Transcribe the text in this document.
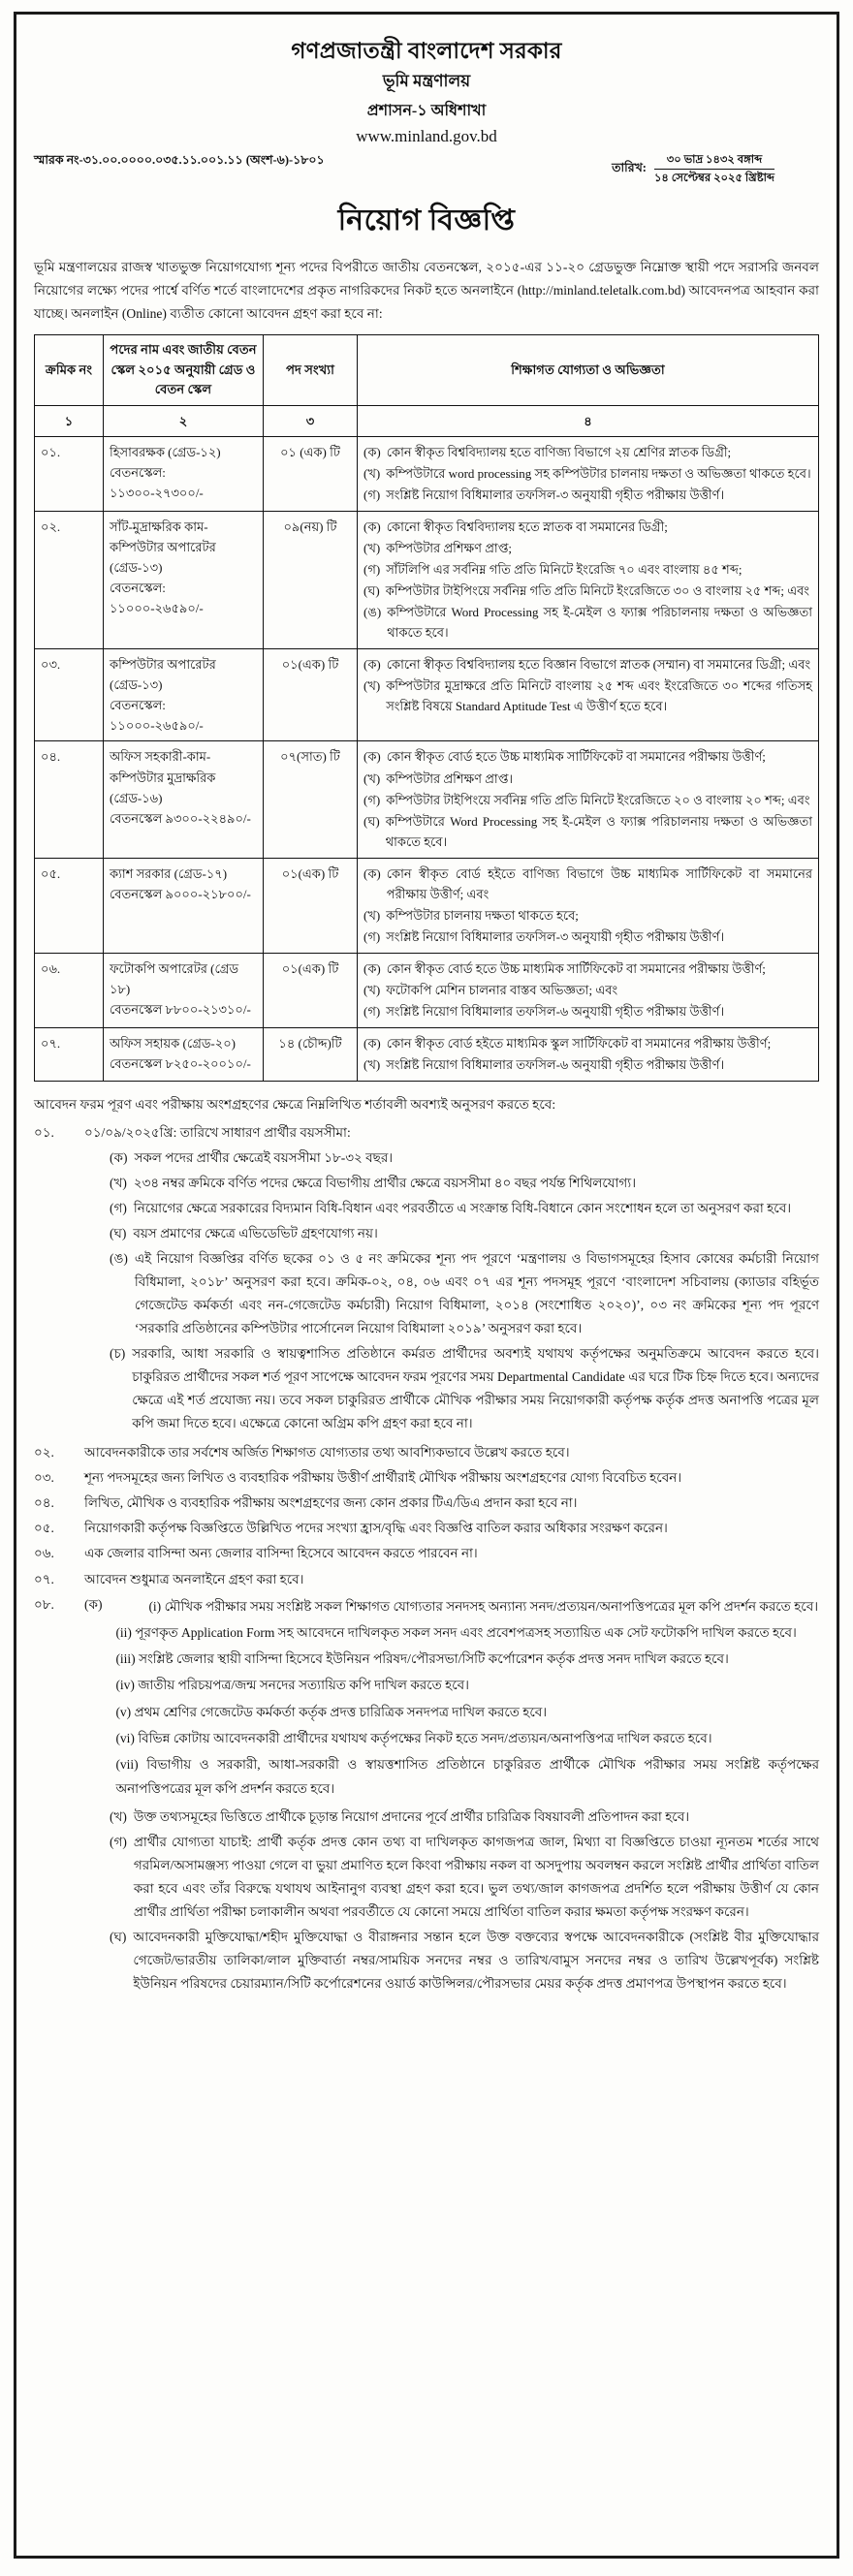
গণপ্রজাতন্ত্রী বাংলাদেশ সরকার
ভূমি মন্ত্রণালয়
প্রশাসন-১ অধিশাখা
www.minland.gov.bd
স্মারক নং-৩১.০০.০০০০.০৩৫.১১.০০১.১১ (অংশ-৬)-১৮০১
তারিখ:
৩০ ভাদ্র ১৪৩২ বঙ্গাব্দ
১৪ সেপ্টেম্বর ২০২৫ খ্রিষ্টাব্দ
নিয়োগ বিজ্ঞপ্তি

ভূমি মন্ত্রণালয়ের রাজস্ব খাতভুক্ত নিয়োগযোগ্য শূন্য পদের বিপরীতে জাতীয় বেতনস্কেল, ২০১৫-এর ১১-২০ গ্রেডভুক্ত নিম্নোক্ত স্থায়ী পদে সরাসরি জনবল নিয়োগের লক্ষ্যে পদের পার্শ্বে বর্ণিত শর্তে বাংলাদেশের প্রকৃত নাগরিকদের নিকট হতে অনলাইনে (http://minland.teletalk.com.bd) আবেদনপত্র আহবান করা যাচ্ছে। অনলাইন (Online) ব্যতীত কোনো আবেদন গ্রহণ করা হবে না:

ক্রমিক নং	পদের নাম এবং জাতীয় বেতন স্কেল ২০১৫ অনুযায়ী গ্রেড ও বেতন স্কেল	পদ সংখ্যা	শিক্ষাগত যোগ্যতা ও অভিজ্ঞতা
১	২	৩	৪
০১.	হিসাবরক্ষক (গ্রেড-১২)
বেতনস্কেল: ১১৩০০-২৭৩০০/-
	০১ (এক) টি	(ক) কোন স্বীকৃত বিশ্ববিদ্যালয় হতে বাণিজ্য বিভাগে ২য় শ্রেণির স্নাতক ডিগ্রী;
(খ) কম্পিউটারে word processing সহ কম্পিউটার চালনায় দক্ষতা ও অভিজ্ঞতা থাকতে হবে।
(গ) সংশ্লিষ্ট নিয়োগ বিধিমালার তফসিল-৩ অনুযায়ী গৃহীত পরীক্ষায় উত্তীর্ণ।

০২.	সাঁট-মুদ্রাক্ষরিক কাম-কম্পিউটার অপারেটর (গ্রেড-১৩)
বেতনস্কেল: ১১০০০-২৬৫৯০/-
	০৯(নয়) টি	(ক) কোনো স্বীকৃত বিশ্ববিদ্যালয় হতে স্নাতক বা সমমানের ডিগ্রী;
(খ) কম্পিউটার প্রশিক্ষণ প্রাপ্ত;
(গ) সাঁটলিপি এর সর্বনিম্ন গতি প্রতি মিনিটে ইংরেজি ৭০ এবং বাংলায় ৪৫ শব্দ;
(ঘ) কম্পিউটার টাইপিংয়ে সর্বনিম্ন গতি প্রতি মিনিটে ইংরেজিতে ৩০ ও বাংলায় ২৫ শব্দ; এবং
(ঙ) কম্পিউটারে Word Processing সহ ই-মেইল ও ফ্যাক্স পরিচালনায় দক্ষতা ও অভিজ্ঞতা থাকতে হবে।

০৩.	কম্পিউটার অপারেটর (গ্রেড-১৩)
বেতনস্কেল: ১১০০০-২৬৫৯০/-
	০১(এক) টি	(ক) কোনো স্বীকৃত বিশ্ববিদ্যালয় হতে বিজ্ঞান বিভাগে স্নাতক (সম্মান) বা সমমানের ডিগ্রী; এবং
(খ) কম্পিউটার মুদ্রাক্ষরে প্রতি মিনিটে বাংলায় ২৫ শব্দ এবং ইংরেজিতে ৩০ শব্দের গতিসহ সংশ্লিষ্ট বিষয়ে Standard Aptitude Test এ উত্তীর্ণ হতে হবে।

০৪.	অফিস সহকারী-কাম-কম্পিউটার মুদ্রাক্ষরিক (গ্রেড-১৬)
বেতনস্কেল ৯৩০০-২২৪৯০/-
	০৭(সাত) টি	(ক) কোন স্বীকৃত বোর্ড হতে উচ্চ মাধ্যমিক সার্টিফিকেট বা সমমানের পরীক্ষায় উত্তীর্ণ;
(খ) কম্পিউটার প্রশিক্ষণ প্রাপ্ত।
(গ) কম্পিউটার টাইপিংয়ে সর্বনিম্ন গতি প্রতি মিনিটে ইংরেজিতে ২০ ও বাংলায় ২০ শব্দ; এবং
(ঘ) কম্পিউটারে Word Processing সহ ই-মেইল ও ফ্যাক্স পরিচালনায় দক্ষতা ও অভিজ্ঞতা থাকতে হবে।

০৫.	ক্যাশ সরকার (গ্রেড-১৭)
বেতনস্কেল ৯০০০-২১৮০০/-
	০১(এক) টি	(ক) কোন স্বীকৃত বোর্ড হইতে বাণিজ্য বিভাগে উচ্চ মাধ্যমিক সার্টিফিকেট বা সমমানের পরীক্ষায় উত্তীর্ণ; এবং
(খ) কম্পিউটার চালনায় দক্ষতা থাকতে হবে;
(গ) সংশ্লিষ্ট নিয়োগ বিধিমালার তফসিল-৩ অনুযায়ী গৃহীত পরীক্ষায় উত্তীর্ণ।

০৬.	ফটোকপি অপারেটর (গ্রেড ১৮)
বেতনস্কেল ৮৮০০-২১৩১০/-
	০১(এক) টি	(ক) কোন স্বীকৃত বোর্ড হতে উচ্চ মাধ্যমিক সার্টিফিকেট বা সমমানের পরীক্ষায় উত্তীর্ণ;
(খ) ফটোকপি মেশিন চালনার বাস্তব অভিজ্ঞতা; এবং
(গ) সংশ্লিষ্ট নিয়োগ বিধিমালার তফসিল-৬ অনুযায়ী গৃহীত পরীক্ষায় উত্তীর্ণ।

০৭.	অফিস সহায়ক (গ্রেড-২০)
বেতনস্কেল ৮২৫০-২০০১০/-
	১৪ (চৌদ্দ)টি	(ক) কোন স্বীকৃত বোর্ড হইতে মাধ্যমিক স্কুল সার্টিফিকেট বা সমমানের পরীক্ষায় উত্তীর্ণ;
(খ) সংশ্লিষ্ট নিয়োগ বিধিমালার তফসিল-৬ অনুযায়ী গৃহীত পরীক্ষায় উত্তীর্ণ।
আবেদন ফরম পূরণ এবং পরীক্ষায় অংশগ্রহণের ক্ষেত্রে নিম্নলিখিত শর্তাবলী অবশ্যই অনুসরণ করতে হবে:
০১.	০১/০৯/২০২৫খ্রি: তারিখে সাধারণ প্রার্থীর বয়সসীমা:
(ক) সকল পদের প্রার্থীর ক্ষেত্রেই বয়সসীমা ১৮-৩২ বছর।
(খ) ২৩৪ নম্বর ক্রমিকে বর্ণিত পদের ক্ষেত্রে বিভাগীয় প্রার্থীর ক্ষেত্রে বয়সসীমা ৪০ বছর পর্যন্ত শিথিলযোগ্য।
(গ) নিয়োগের ক্ষেত্রে সরকারের বিদ্যমান বিধি-বিধান এবং পরবর্তীতে এ সংক্রান্ত বিধি-বিধানে কোন সংশোধন হলে তা অনুসরণ করা হবে।
(ঘ) বয়স প্রমাণের ক্ষেত্রে এভিডেভিট গ্রহণযোগ্য নয়।
(ঙ) এই নিয়োগ বিজ্ঞপ্তির বর্ণিত ছকের ০১ ও ৫ নং ক্রমিকের শূন্য পদ পূরণে ‘মন্ত্রণালয় ও বিভাগসমূহের হিসাব কোষের কর্মচারী নিয়োগ বিধিমালা, ২০১৮’ অনুসরণ করা হবে। ক্রমিক-০২, ০৪, ০৬ এবং ০৭ এর শূন্য পদসমূহ পূরণে ‘বাংলাদেশ সচিবালয় (ক্যাডার বহির্ভূত গেজেটেড কর্মকর্তা এবং নন-গেজেটেড কর্মচারী) নিয়োগ বিধিমালা, ২০১৪ (সংশোধিত ২০২০)’, ০৩ নং ক্রমিকের শূন্য পদ পূরণে ‘সরকারি প্রতিষ্ঠানের কম্পিউটার পার্সোনেল নিয়োগ বিধিমালা ২০১৯’ অনুসরণ করা হবে।
(চ) সরকারি, আধা সরকারি ও স্বায়ত্বশাসিত প্রতিষ্ঠানে কর্মরত প্রার্থীদের অবশ্যই যথাযথ কর্তৃপক্ষের অনুমতিক্রমে আবেদন করতে হবে। চাকুরিরত প্রার্থীদের সকল শর্ত পূরণ সাপেক্ষে আবেদন ফরম পূরণের সময় Departmental Candidate এর ঘরে টিক চিহ্ন দিতে হবে। অন্যদের ক্ষেত্রে এই শর্ত প্রযোজ্য নয়। তবে সকল চাকুরিরত প্রার্থীকে মৌখিক পরীক্ষার সময় নিয়োগকারী কর্তৃপক্ষ কর্তৃক প্রদত্ত অনাপত্তি পত্রের মূল কপি জমা দিতে হবে। এক্ষেত্রে কোনো অগ্রিম কপি গ্রহণ করা হবে না।
০২.	আবেদনকারীকে তার সর্বশেষ অর্জিত শিক্ষাগত যোগ্যতার তথ্য আবশ্যিকভাবে উল্লেখ করতে হবে।
০৩.	শূন্য পদসমূহের জন্য লিখিত ও ব্যবহারিক পরীক্ষায় উত্তীর্ণ প্রার্থীরাই মৌখিক পরীক্ষায় অংশগ্রহণের যোগ্য বিবেচিত হবেন।
০৪.	লিখিত, মৌখিক ও ব্যবহারিক পরীক্ষায় অংশগ্রহণের জন্য কোন প্রকার টিএ/ডিএ প্রদান করা হবে না।
০৫.	নিয়োগকারী কর্তৃপক্ষ বিজ্ঞপ্তিতে উল্লিখিত পদের সংখ্যা হ্রাস/বৃদ্ধি এবং বিজ্ঞপ্তি বাতিল করার অধিকার সংরক্ষণ করেন।
০৬.	এক জেলার বাসিন্দা অন্য জেলার বাসিন্দা হিসেবে আবেদন করতে পারবেন না।
০৭.	আবেদন শুধুমাত্র অনলাইনে গ্রহণ করা হবে।
০৮.	(ক)	(i) মৌখিক পরীক্ষার সময় সংশ্লিষ্ট সকল শিক্ষাগত যোগ্যতার সনদসহ অন্যান্য সনদ/প্রত্যয়ন/অনাপত্তিপত্রের মূল কপি প্রদর্শন করতে হবে।
(ii) পূরণকৃত Application Form সহ আবেদনে দাখিলকৃত সকল সনদ এবং প্রবেশপত্রসহ সত্যায়িত এক সেট ফটোকপি দাখিল করতে হবে।
(iii) সংশ্লিষ্ট জেলার স্থায়ী বাসিন্দা হিসেবে ইউনিয়ন পরিষদ/পৌরসভা/সিটি কর্পোরেশন কর্তৃক প্রদত্ত সনদ দাখিল করতে হবে।
(iv) জাতীয় পরিচয়পত্র/জন্ম সনদের সত্যায়িত কপি দাখিল করতে হবে।
(v) প্রথম শ্রেণির গেজেটেড কর্মকর্তা কর্তৃক প্রদত্ত চারিত্রিক সনদপত্র দাখিল করতে হবে।
(vi) বিভিন্ন কোটায় আবেদনকারী প্রার্থীদের যথাযথ কর্তৃপক্ষের নিকট হতে সনদ/প্রত্যয়ন/অনাপত্তিপত্র দাখিল করতে হবে।
(vii) বিভাগীয় ও সরকারী, আধা-সরকারী ও স্বায়ত্তশাসিত প্রতিষ্ঠানে চাকুরিরত প্রার্থীকে মৌখিক পরীক্ষার সময় সংশ্লিষ্ট কর্তৃপক্ষের অনাপত্তিপত্রের মূল কপি প্রদর্শন করতে হবে।
(খ) উক্ত তথ্যসমূহের ভিত্তিতে প্রার্থীকে চূড়ান্ত নিয়োগ প্রদানের পূর্বে প্রার্থীর চারিত্রিক বিষয়াবলী প্রতিপাদন করা হবে।
(গ) প্রার্থীর যোগ্যতা যাচাই: প্রার্থী কর্তৃক প্রদত্ত কোন তথ্য বা দাখিলকৃত কাগজপত্র জাল, মিথ্যা বা বিজ্ঞপ্তিতে চাওয়া ন্যূনতম শর্তের সাথে গরমিল/অসামঞ্জস্য পাওয়া গেলে বা ভুয়া প্রমাণিত হলে কিংবা পরীক্ষায় নকল বা অসদুপায় অবলম্বন করলে সংশ্লিষ্ট প্রার্থীর প্রার্থিতা বাতিল করা হবে এবং তাঁর বিরুদ্ধে যথাযথ আইনানুগ ব্যবস্থা গ্রহণ করা হবে। ভুল তথ্য/জাল কাগজপত্র প্রদর্শিত হলে পরীক্ষায় উত্তীর্ণ যে কোন প্রার্থীর প্রার্থিতা পরীক্ষা চলাকালীন অথবা পরবর্তীতে যে কোনো সময়ে প্রার্থিতা বাতিল করার ক্ষমতা কর্তৃপক্ষ সংরক্ষণ করেন।
(ঘ) আবেদনকারী মুক্তিযোদ্ধা/শহীদ মুক্তিযোদ্ধা ও বীরাঙ্গনার সন্তান হলে উক্ত বক্তব্যের স্বপক্ষে আবেদনকারীকে (সংশ্লিষ্ট বীর মুক্তিযোদ্ধার গেজেট/ভারতীয় তালিকা/লাল মুক্তিবার্তা নম্বর/সাময়িক সনদের নম্বর ও তারিখ/বামুস সনদের নম্বর ও তারিখ উল্লেখপূর্বক) সংশ্লিষ্ট ইউনিয়ন পরিষদের চেয়ারম্যান/সিটি কর্পোরেশনের ওয়ার্ড কাউন্সিলর/পৌরসভার মেয়র কর্তৃক প্রদত্ত প্রমাণপত্র উপস্থাপন করতে হবে।
